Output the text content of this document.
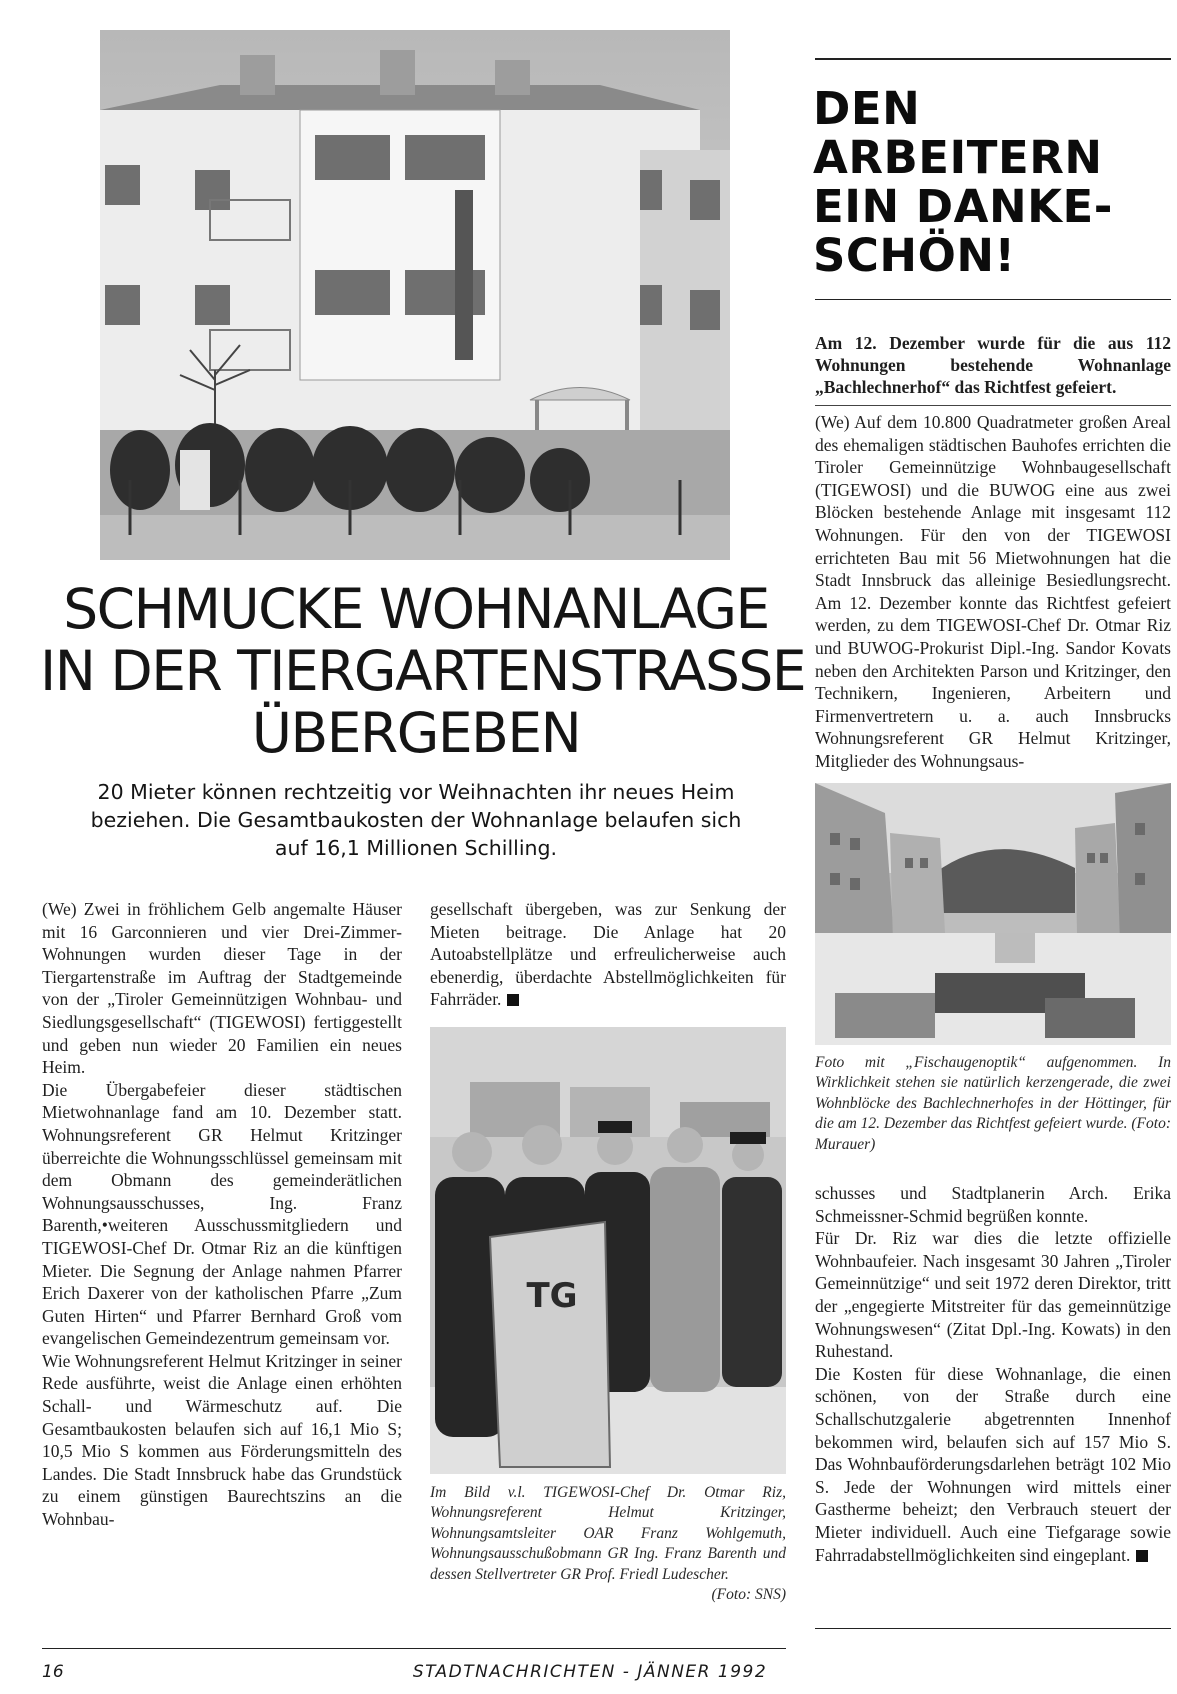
SCHMUCKE WOHNANLAGE
IN DER TIERGARTENSTRASSE
ÜBERGEBEN
20 Mieter können rechtzeitig vor Weihnachten ihr neues Heim beziehen. Die Gesamtbaukosten der Wohnanlage belaufen sich auf 16,1 Millionen Schilling.

(We) Zwei in fröhlichem Gelb angemalte Häuser mit 16 Garconnieren und vier Drei-Zimmer-Wohnungen wurden dieser Tage in der Tiergartenstraße im Auftrag der Stadtgemeinde von der „Tiroler Gemeinnützigen Wohnbau- und Siedlungsgesellschaft“ (TIGEWOSI) fertiggestellt und geben nun wieder 20 Familien ein neues Heim.

Die Übergabefeier dieser städtischen Mietwohnanlage fand am 10. Dezember statt. Wohnungsreferent GR Helmut Kritzinger überreichte die Wohnungsschlüssel gemeinsam mit dem Obmann des gemeinderätlichen Wohnungsausschusses, Ing. Franz Barenth,•weiteren Ausschussmitgliedern und TIGEWOSI-Chef Dr. Otmar Riz an die künftigen Mieter. Die Segnung der Anlage nahmen Pfarrer Erich Daxerer von der katholischen Pfarre „Zum Guten Hirten“ und Pfarrer Bernhard Groß vom evangelischen Gemeindezentrum gemeinsam vor.

Wie Wohnungsreferent Helmut Kritzinger in seiner Rede ausführte, weist die Anlage einen erhöhten Schall- und Wärmeschutz auf. Die Gesamtbaukosten belaufen sich auf 16,1 Mio S; 10,5 Mio S kommen aus Förderungsmitteln des Landes. Die Stadt Innsbruck habe das Grundstück zu einem günstigen Baurechtszins an die Wohnbau-

gesellschaft übergeben, was zur Senkung der Mieten beitrage. Die Anlage hat 20 Autoabstellplätze und erfreulicherweise auch ebenerdig, überdachte Abstellmöglichkeiten für Fahrräder.

TG
Im Bild v.l. TIGEWOSI-Chef Dr. Otmar Riz, Wohnungsreferent Helmut Kritzinger, Wohnungsamtsleiter OAR Franz Wohlgemuth, Wohnungsausschußobmann GR Ing. Franz Barenth und dessen Stellvertreter GR Prof. Friedl Ludescher.
(Foto: SNS)
DEN
ARBEITERN
EIN DANKE-
SCHÖN!

Am 12. Dezember wurde für die aus 112 Wohnungen bestehende Wohnanlage „Bachlechnerhof“ das Richtfest gefeiert.

(We) Auf dem 10.800 Quadratmeter großen Areal des ehemaligen städtischen Bauhofes errichten die Tiroler Gemeinnützige Wohnbaugesellschaft (TIGEWOSI) und die BUWOG eine aus zwei Blöcken bestehende Anlage mit insgesamt 112 Wohnungen. Für den von der TIGEWOSI errichteten Bau mit 56 Mietwohnungen hat die Stadt Innsbruck das alleinige Besiedlungsrecht. Am 12. Dezember konnte das Richtfest gefeiert werden, zu dem TIGEWOSI-Chef Dr. Otmar Riz und BUWOG-Prokurist Dipl.-Ing. Sandor Kovats neben den Architekten Parson und Kritzinger, den Technikern, Ingenieren, Arbeitern und Firmenvertretern u. a. auch Innsbrucks Wohnungsreferent GR Helmut Kritzinger, Mitglieder des Wohnungsaus-

Foto mit „Fischaugenoptik“ aufgenommen. In Wirklichkeit stehen sie natürlich kerzengerade, die zwei Wohnblöcke des Bachlechnerhofes in der Höttinger, für die am 12. Dezember das Richtfest gefeiert wurde. (Foto: Murauer)

schusses und Stadtplanerin Arch. Erika Schmeissner-Schmid begrüßen konnte.

Für Dr. Riz war dies die letzte offizielle Wohnbaufeier. Nach insgesamt 30 Jahren „Tiroler Gemeinnützige“ und seit 1972 deren Direktor, tritt der „engegierte Mitstreiter für das gemeinnützige Wohnungswesen“ (Zitat Dpl.-Ing. Kowats) in den Ruhestand.

Die Kosten für diese Wohnanlage, die einen schönen, von der Straße durch eine Schallschutzgalerie abgetrennten Innenhof bekommen wird, belaufen sich auf 157 Mio S. Das Wohnbauförderungsdarlehen beträgt 102 Mio S. Jede der Wohnungen wird mittels einer Gastherme beheizt; den Verbrauch steuert der Mieter individuell. Auch eine Tiefgarage sowie Fahrradabstellmöglichkeiten sind eingeplant.

16	STADTNACHRICHTEN - JÄNNER 1992
